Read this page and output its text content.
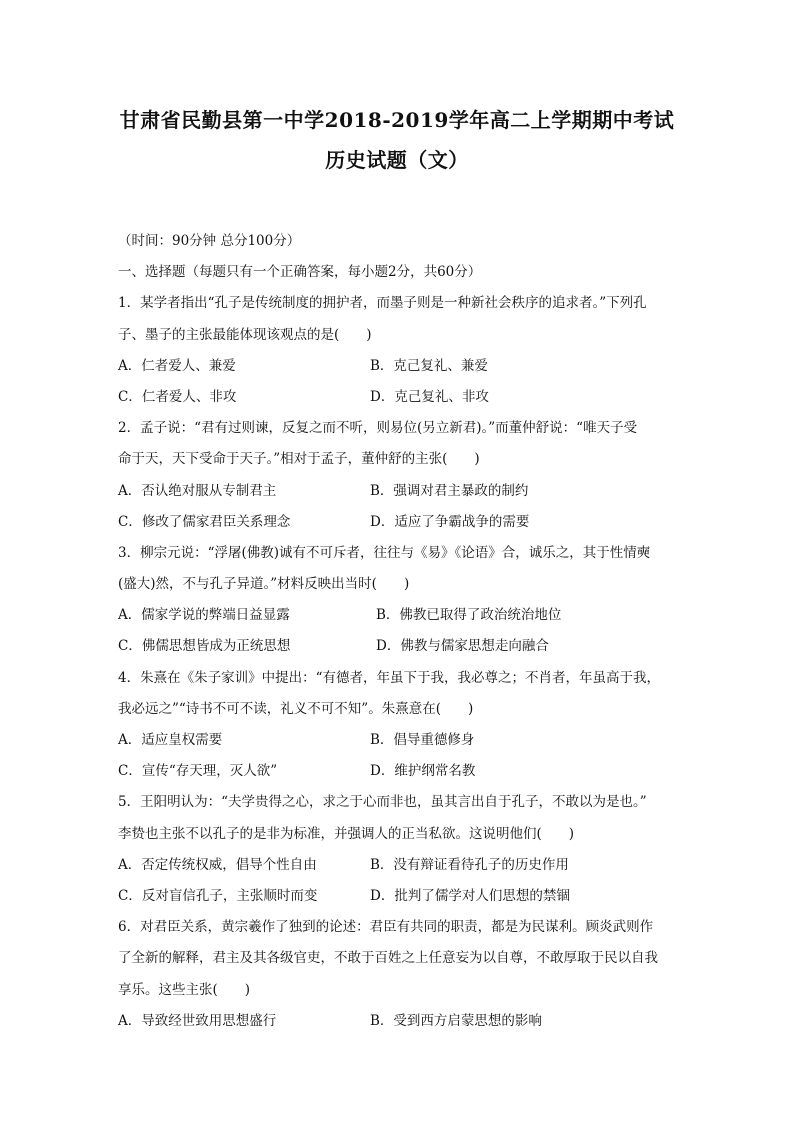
甘肃省民勤县第一中学2018-2019学年高二上学期期中考试
历史试题（文）
（时间：90分钟 总分100分）
一、选择题（每题只有一个正确答案，每小题2分，共60分）
1．某学者指出“孔子是传统制度的拥护者，而墨子则是一种新社会秩序的追求者。”下列孔
子、墨子的主张最能体现该观点的是(　　)
A．仁者爱人、兼爱	B．克己复礼、兼爱
C．仁者爱人、非攻	D．克己复礼、非攻
2．孟子说：“君有过则谏，反复之而不听，则易位(另立新君)。”而董仲舒说：“唯天子受
命于天，天下受命于天子。”相对于孟子，董仲舒的主张(　　)
A．否认绝对服从专制君主	B．强调对君主暴政的制约
C．修改了儒家君臣关系理念	D．适应了争霸战争的需要
3．柳宗元说：“浮屠(佛教)诚有不可斥者，往往与《易》《论语》合，诚乐之，其于性情奭
(盛大)然，不与孔子异道。”材料反映出当时(　　)
A．儒家学说的弊端日益显露	B．佛教已取得了政治统治地位
C．佛儒思想皆成为正统思想	D．佛教与儒家思想走向融合
4．朱熹在《朱子家训》中提出：“有德者，年虽下于我，我必尊之；不肖者，年虽高于我，
我必远之”“诗书不可不读，礼义不可不知”。朱熹意在(　　)
A．适应皇权需要	B．倡导重德修身
C．宣传“存天理，灭人欲”	D．维护纲常名教
5．王阳明认为：“夫学贵得之心，求之于心而非也，虽其言出自于孔子，不敢以为是也。”
李贽也主张不以孔子的是非为标准，并强调人的正当私欲。这说明他们(　　)
A．否定传统权威，倡导个性自由	B．没有辩证看待孔子的历史作用
C．反对盲信孔子，主张顺时而变	D．批判了儒学对人们思想的禁锢
6．对君臣关系，黄宗羲作了独到的论述：君臣有共同的职责，都是为民谋利。顾炎武则作
了全新的解释，君主及其各级官吏，不敢于百姓之上任意妄为以自尊，不敢厚取于民以自我
享乐。这些主张(　　)
A．导致经世致用思想盛行	B．受到西方启蒙思想的影响
